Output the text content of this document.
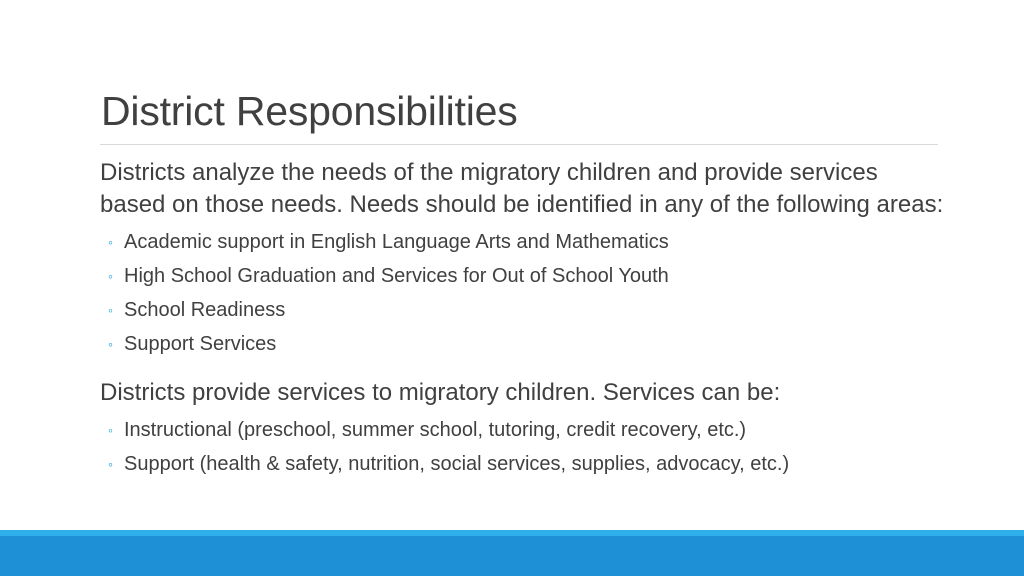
District Responsibilities

Districts analyze the needs of the migratory children and provide services based on those needs. Needs should be identified in any of the following areas:

◦ Academic support in English Language Arts and Mathematics
◦ High School Graduation and Services for Out of School Youth
◦ School Readiness
◦ Support Services

Districts provide services to migratory children. Services can be:

◦ Instructional (preschool, summer school, tutoring, credit recovery, etc.)
◦ Support (health & safety, nutrition, social services, supplies, advocacy, etc.)
